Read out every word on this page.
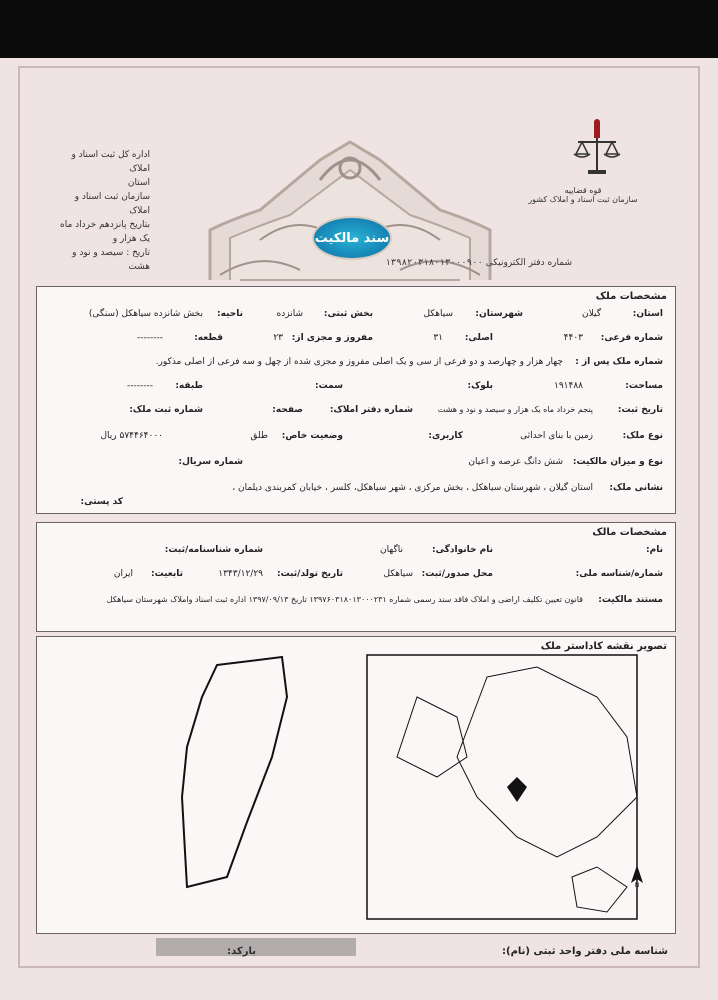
اداره کل ثبت اسناد و املاک
استان
سازمان ثبت اسناد و املاک
بتاریخ پانزدهم خرداد ماه یک هزار و
تاریخ : سیصد و نود و هشت
قوه قضاییه
سازمان ثبت اسناد و املاک کشور
سند مالکیت
شماره دفتر الکترونیکی ۱۳۹۸۲۰۳۱۸۰۱۳۰۰۰۹۰۰
مشخصات ملک
استان:
گیلان
شهرستان:
سیاهکل
بخش ثبتی:
شانزده
ناحیه:
بخش شانزده سیاهکل (سنگی)
شماره فرعی:
۴۴۰۳
اصلی:
۳۱
مفروز و مجزی از:
۲۳
قطعه:
--------
شماره ملک پس از :
چهار هزار و چهارصد و دو فرعی از سی و یک اصلی مفروز و مجزی شده از چهل و سه فرعی از اصلی مذکور.
مساحت:
۱۹۱۴۸۸
بلوک:
سمت:
طبقه:
--------
تاریخ ثبت:
پنجم خرداد ماه یک هزار و سیصد و نود و هشت
شماره دفتر املاک:
صفحه:
شماره ثبت ملک:
نوع ملک:
زمین با بنای احداثی
کاربری:
وضعیت خاص:
طلق
۵۷۴۴۶۴۰۰۰ ریال
نوع و میزان مالکیت:
شش دانگ عرصه و اعیان
شماره سریال:
نشانی ملک:
استان گیلان ، شهرستان سیاهکل ، بخش مرکزی ، شهر سیاهکل، کلسر ، خیابان کمربندی دیلمان ،
کد پستی:
مشخصات مالک
نام:
نام خانوادگی:
ناگهان
شماره شناسنامه/ثبت:
شماره/شناسه ملی:
محل صدور/ثبت:
سیاهکل
تاریخ تولد/ثبت:
۱۳۴۳/۱۲/۲۹
تابعیت:
ایران
مستند مالکیت:
قانون تعیین تکلیف اراضی و املاک فاقد سند رسمی شماره ۱۳۹۷۶۰۳۱۸۰۱۳۰۰۰۲۳۱ تاریخ ۱۳۹۷/۰۹/۱۳ اداره ثبت اسناد واملاک شهرستان سیاهکل
تصویر نقشه کاداستر ملک
N
شناسه ملی دفتر واحد ثبتی (نام):
بارکد:
